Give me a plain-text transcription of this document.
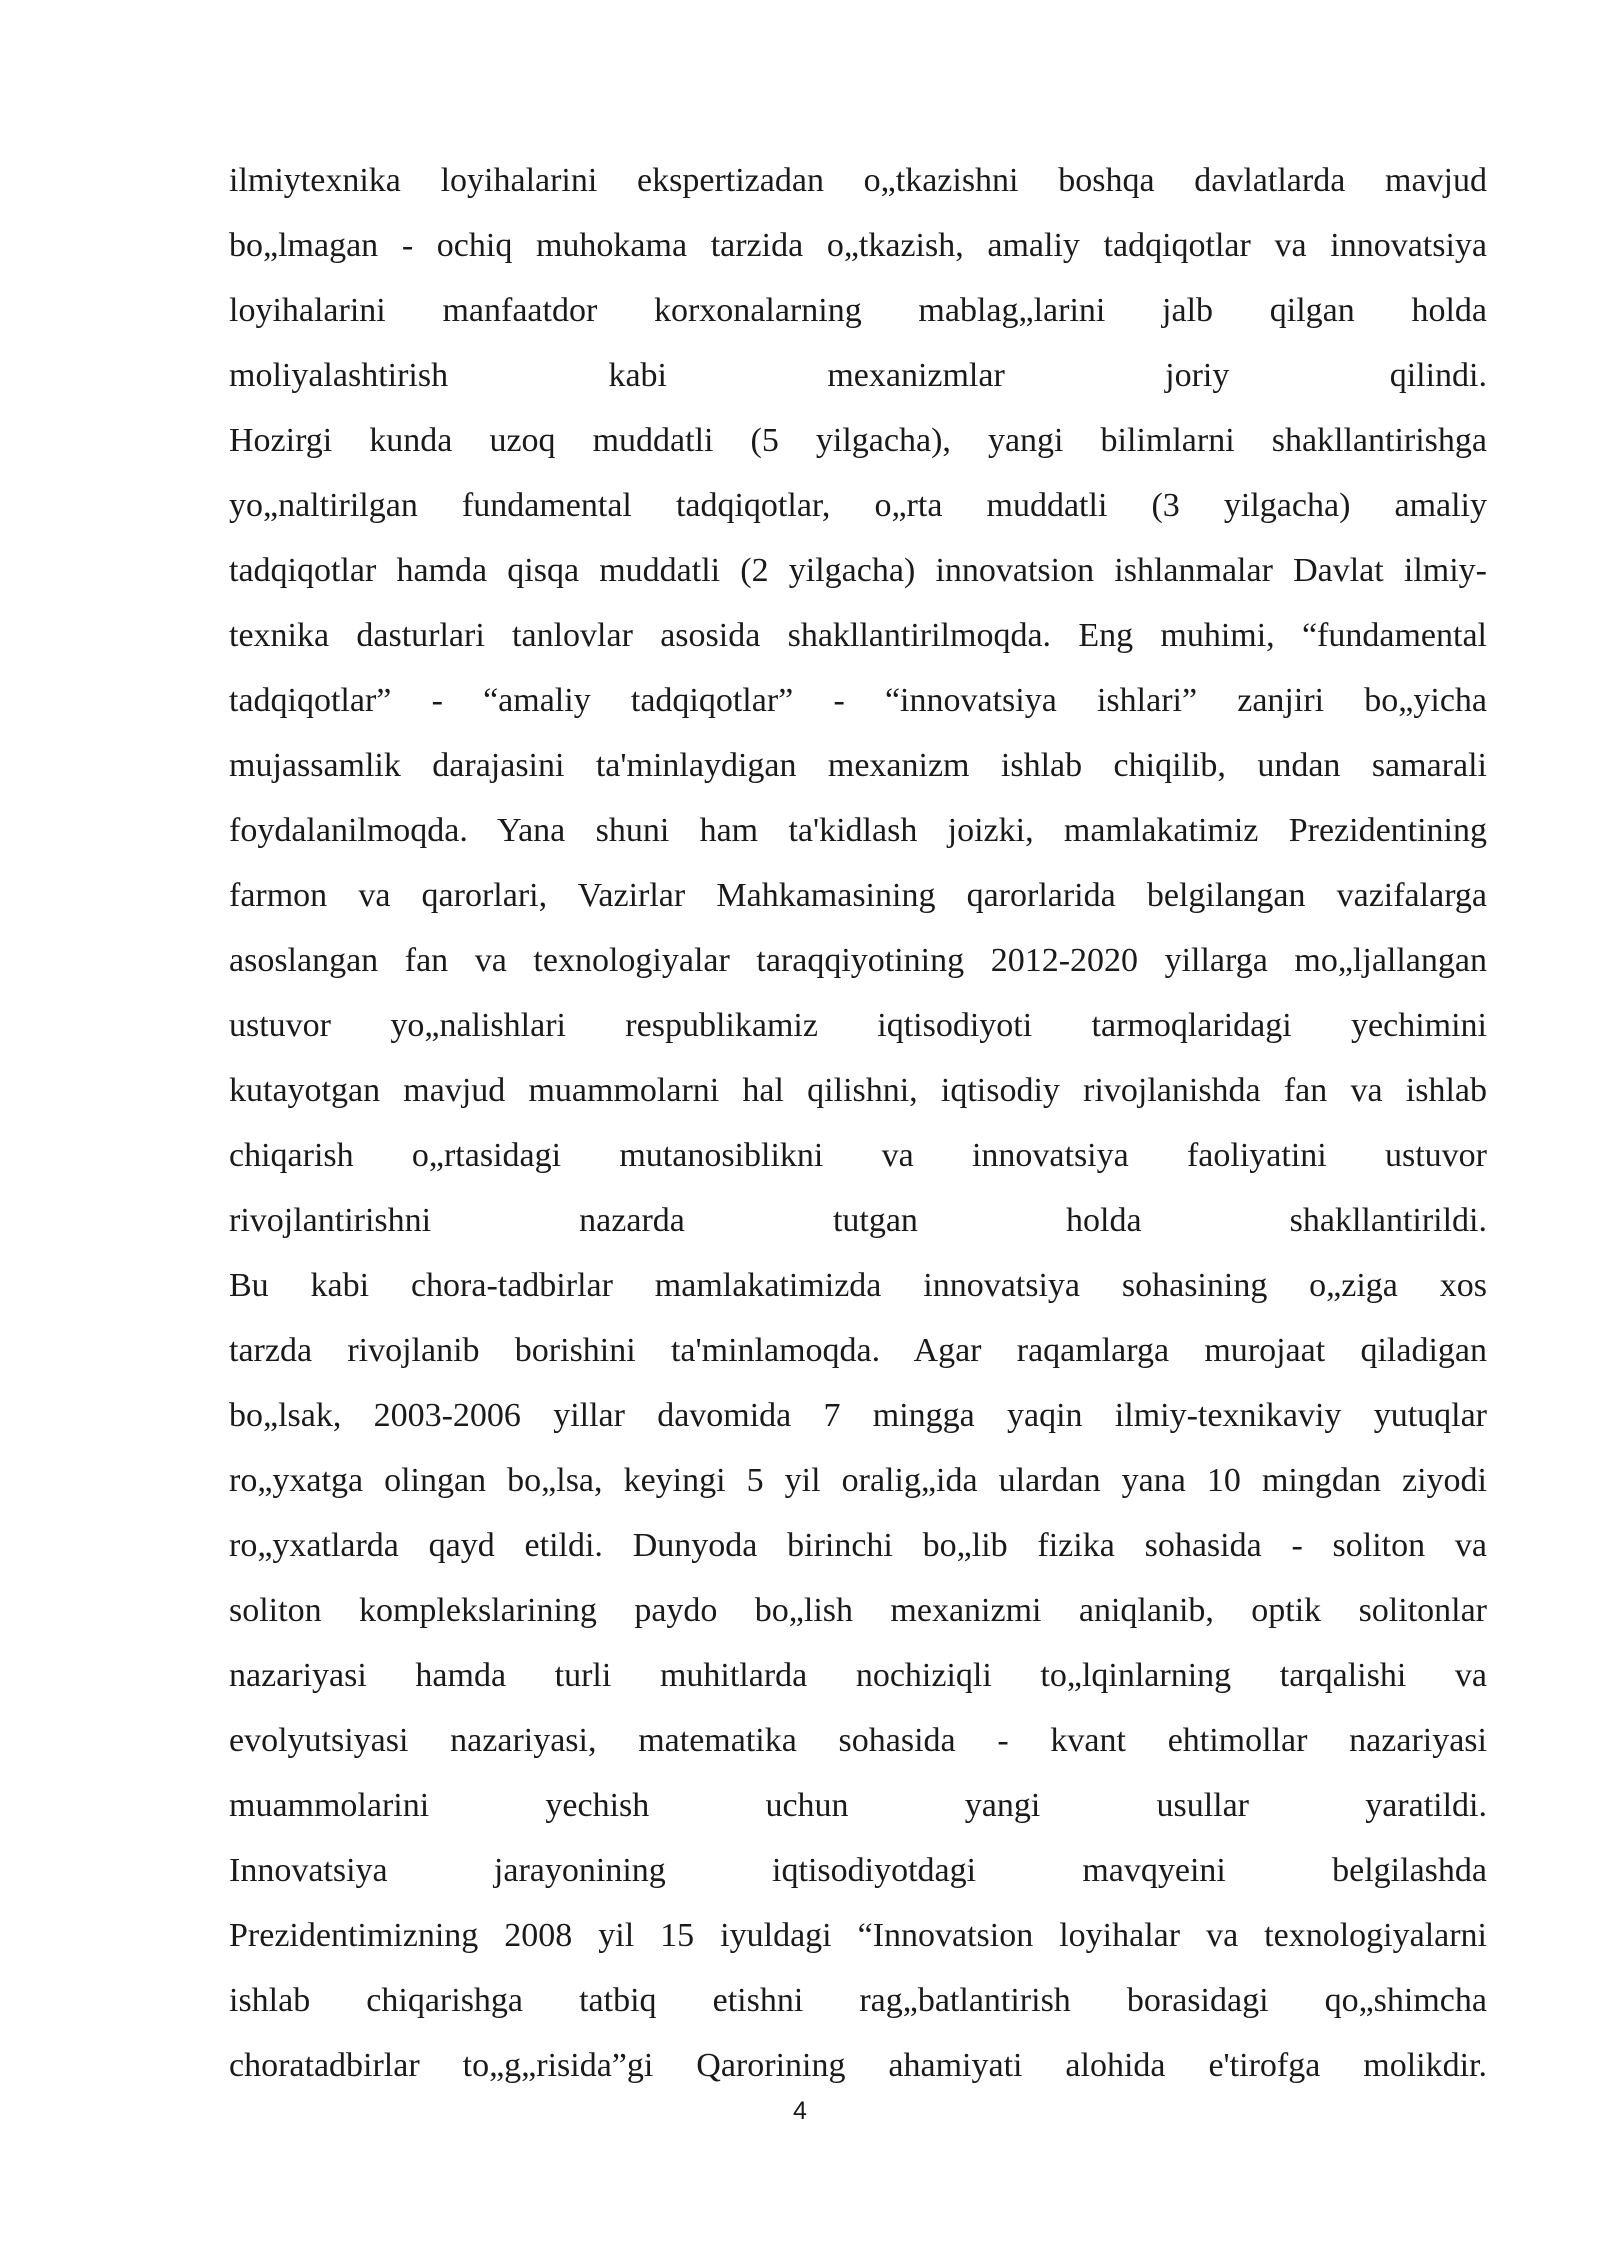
ilmiytexnika loyihalarini ekspertizadan o„tkazishni boshqa davlatlarda mavjud
bo„lmagan - ochiq muhokama tarzida o„tkazish, amaliy tadqiqotlar va innovatsiya
loyihalarini manfaatdor korxonalarning mablag„larini jalb qilgan holda
moliyalashtirish kabi mexanizmlar joriy qilindi.
Hozirgi kunda uzoq muddatli (5 yilgacha), yangi bilimlarni shakllantirishga
yo„naltirilgan fundamental tadqiqotlar, o„rta muddatli (3 yilgacha) amaliy
tadqiqotlar hamda qisqa muddatli (2 yilgacha) innovatsion ishlanmalar Davlat ilmiy-
texnika dasturlari tanlovlar asosida shakllantirilmoqda. Eng muhimi, “fundamental
tadqiqotlar” - “amaliy tadqiqotlar” - “innovatsiya ishlari” zanjiri bo„yicha
mujassamlik darajasini ta'minlaydigan mexanizm ishlab chiqilib, undan samarali
foydalanilmoqda. Yana shuni ham ta'kidlash joizki, mamlakatimiz Prezidentining
farmon va qarorlari, Vazirlar Mahkamasining qarorlarida belgilangan vazifalarga
asoslangan fan va texnologiyalar taraqqiyotining 2012-2020 yillarga mo„ljallangan
ustuvor yo„nalishlari respublikamiz iqtisodiyoti tarmoqlaridagi yechimini
kutayotgan mavjud muammolarni hal qilishni, iqtisodiy rivojlanishda fan va ishlab
chiqarish o„rtasidagi mutanosiblikni va innovatsiya faoliyatini ustuvor
rivojlantirishni nazarda tutgan holda shakllantirildi.
Bu kabi chora-tadbirlar mamlakatimizda innovatsiya sohasining o„ziga xos
tarzda rivojlanib borishini ta'minlamoqda. Agar raqamlarga murojaat qiladigan
bo„lsak, 2003-2006 yillar davomida 7 mingga yaqin ilmiy-texnikaviy yutuqlar
ro„yxatga olingan bo„lsa, keyingi 5 yil oralig„ida ulardan yana 10 mingdan ziyodi
ro„yxatlarda qayd etildi. Dunyoda birinchi bo„lib fizika sohasida - soliton va
soliton komplekslarining paydo bo„lish mexanizmi aniqlanib, optik solitonlar
nazariyasi hamda turli muhitlarda nochiziqli to„lqinlarning tarqalishi va
evolyutsiyasi nazariyasi, matematika sohasida - kvant ehtimollar nazariyasi
muammolarini yechish uchun yangi usullar yaratildi.
Innovatsiya jarayonining iqtisodiyotdagi mavqyeini belgilashda
Prezidentimizning 2008 yil 15 iyuldagi “Innovatsion loyihalar va texnologiyalarni
ishlab chiqarishga tatbiq etishni rag„batlantirish borasidagi qo„shimcha
choratadbirlar to„g„risida”gi Qarorining ahamiyati alohida e'tirofga molikdir.
4
